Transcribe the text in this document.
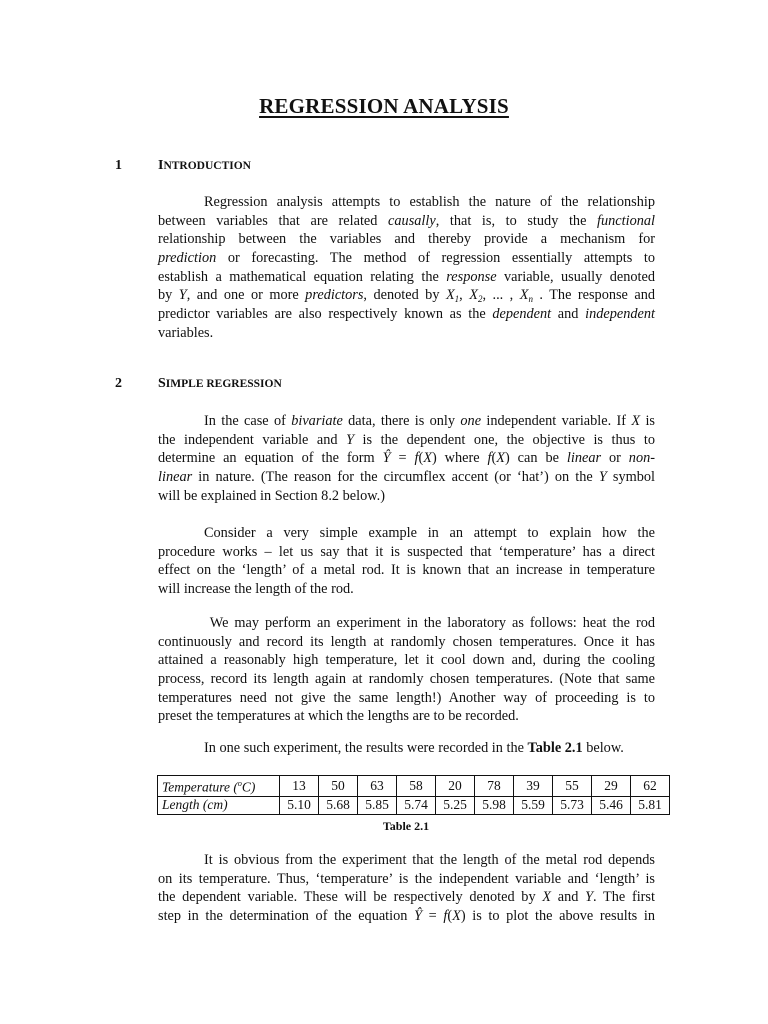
REGRESSION ANALYSIS
1	INTRODUCTION
Regression analysis attempts to establish the nature of the relationship
between variables that are related causally, that is, to study the functional
relationship between the variables and thereby provide a mechanism for
prediction or forecasting. The method of regression essentially attempts to
establish a mathematical equation relating the response variable, usually denoted
by Y, and one or more predictors, denoted by $X_1$, $X_2$, ... , $X_n$ . The response and
predictor variables are also respectively known as the dependent and independent
variables.
2	SIMPLE REGRESSION
In the case of bivariate data, there is only one independent variable. If X is
the independent variable and Y is the dependent one, the objective is thus to
determine an equation of the form Ŷ = f(X) where f(X) can be linear or non-
linear in nature. (The reason for the circumflex accent (or ‘hat’) on the Y symbol
will be explained in Section 8.2 below.)
Consider a very simple example in an attempt to explain how the
procedure works – let us say that it is suspected that ‘temperature’ has a direct
effect on the ‘length’ of a metal rod. It is known that an increase in temperature
will increase the length of the rod.
We may perform an experiment in the laboratory as follows: heat the rod
continuously and record its length at randomly chosen temperatures. Once it has
attained a reasonably high temperature, let it cool down and, during the cooling
process, record its length again at randomly chosen temperatures. (Note that same
temperatures need not give the same length!) Another way of proceeding is to
preset the temperatures at which the lengths are to be recorded.
In one such experiment, the results were recorded in the Table 2.1 below.
Temperature ($^o$C)	13	50	63	58	20	78	39	55	29	62
Length (cm)	5.10	5.68	5.85	5.74	5.25	5.98	5.59	5.73	5.46	5.81
Table 2.1
It is obvious from the experiment that the length of the metal rod depends
on its temperature. Thus, ‘temperature’ is the independent variable and ‘length’ is
the dependent variable. These will be respectively denoted by X and Y. The first
step in the determination of the equation Ŷ = f(X) is to plot the above results in
